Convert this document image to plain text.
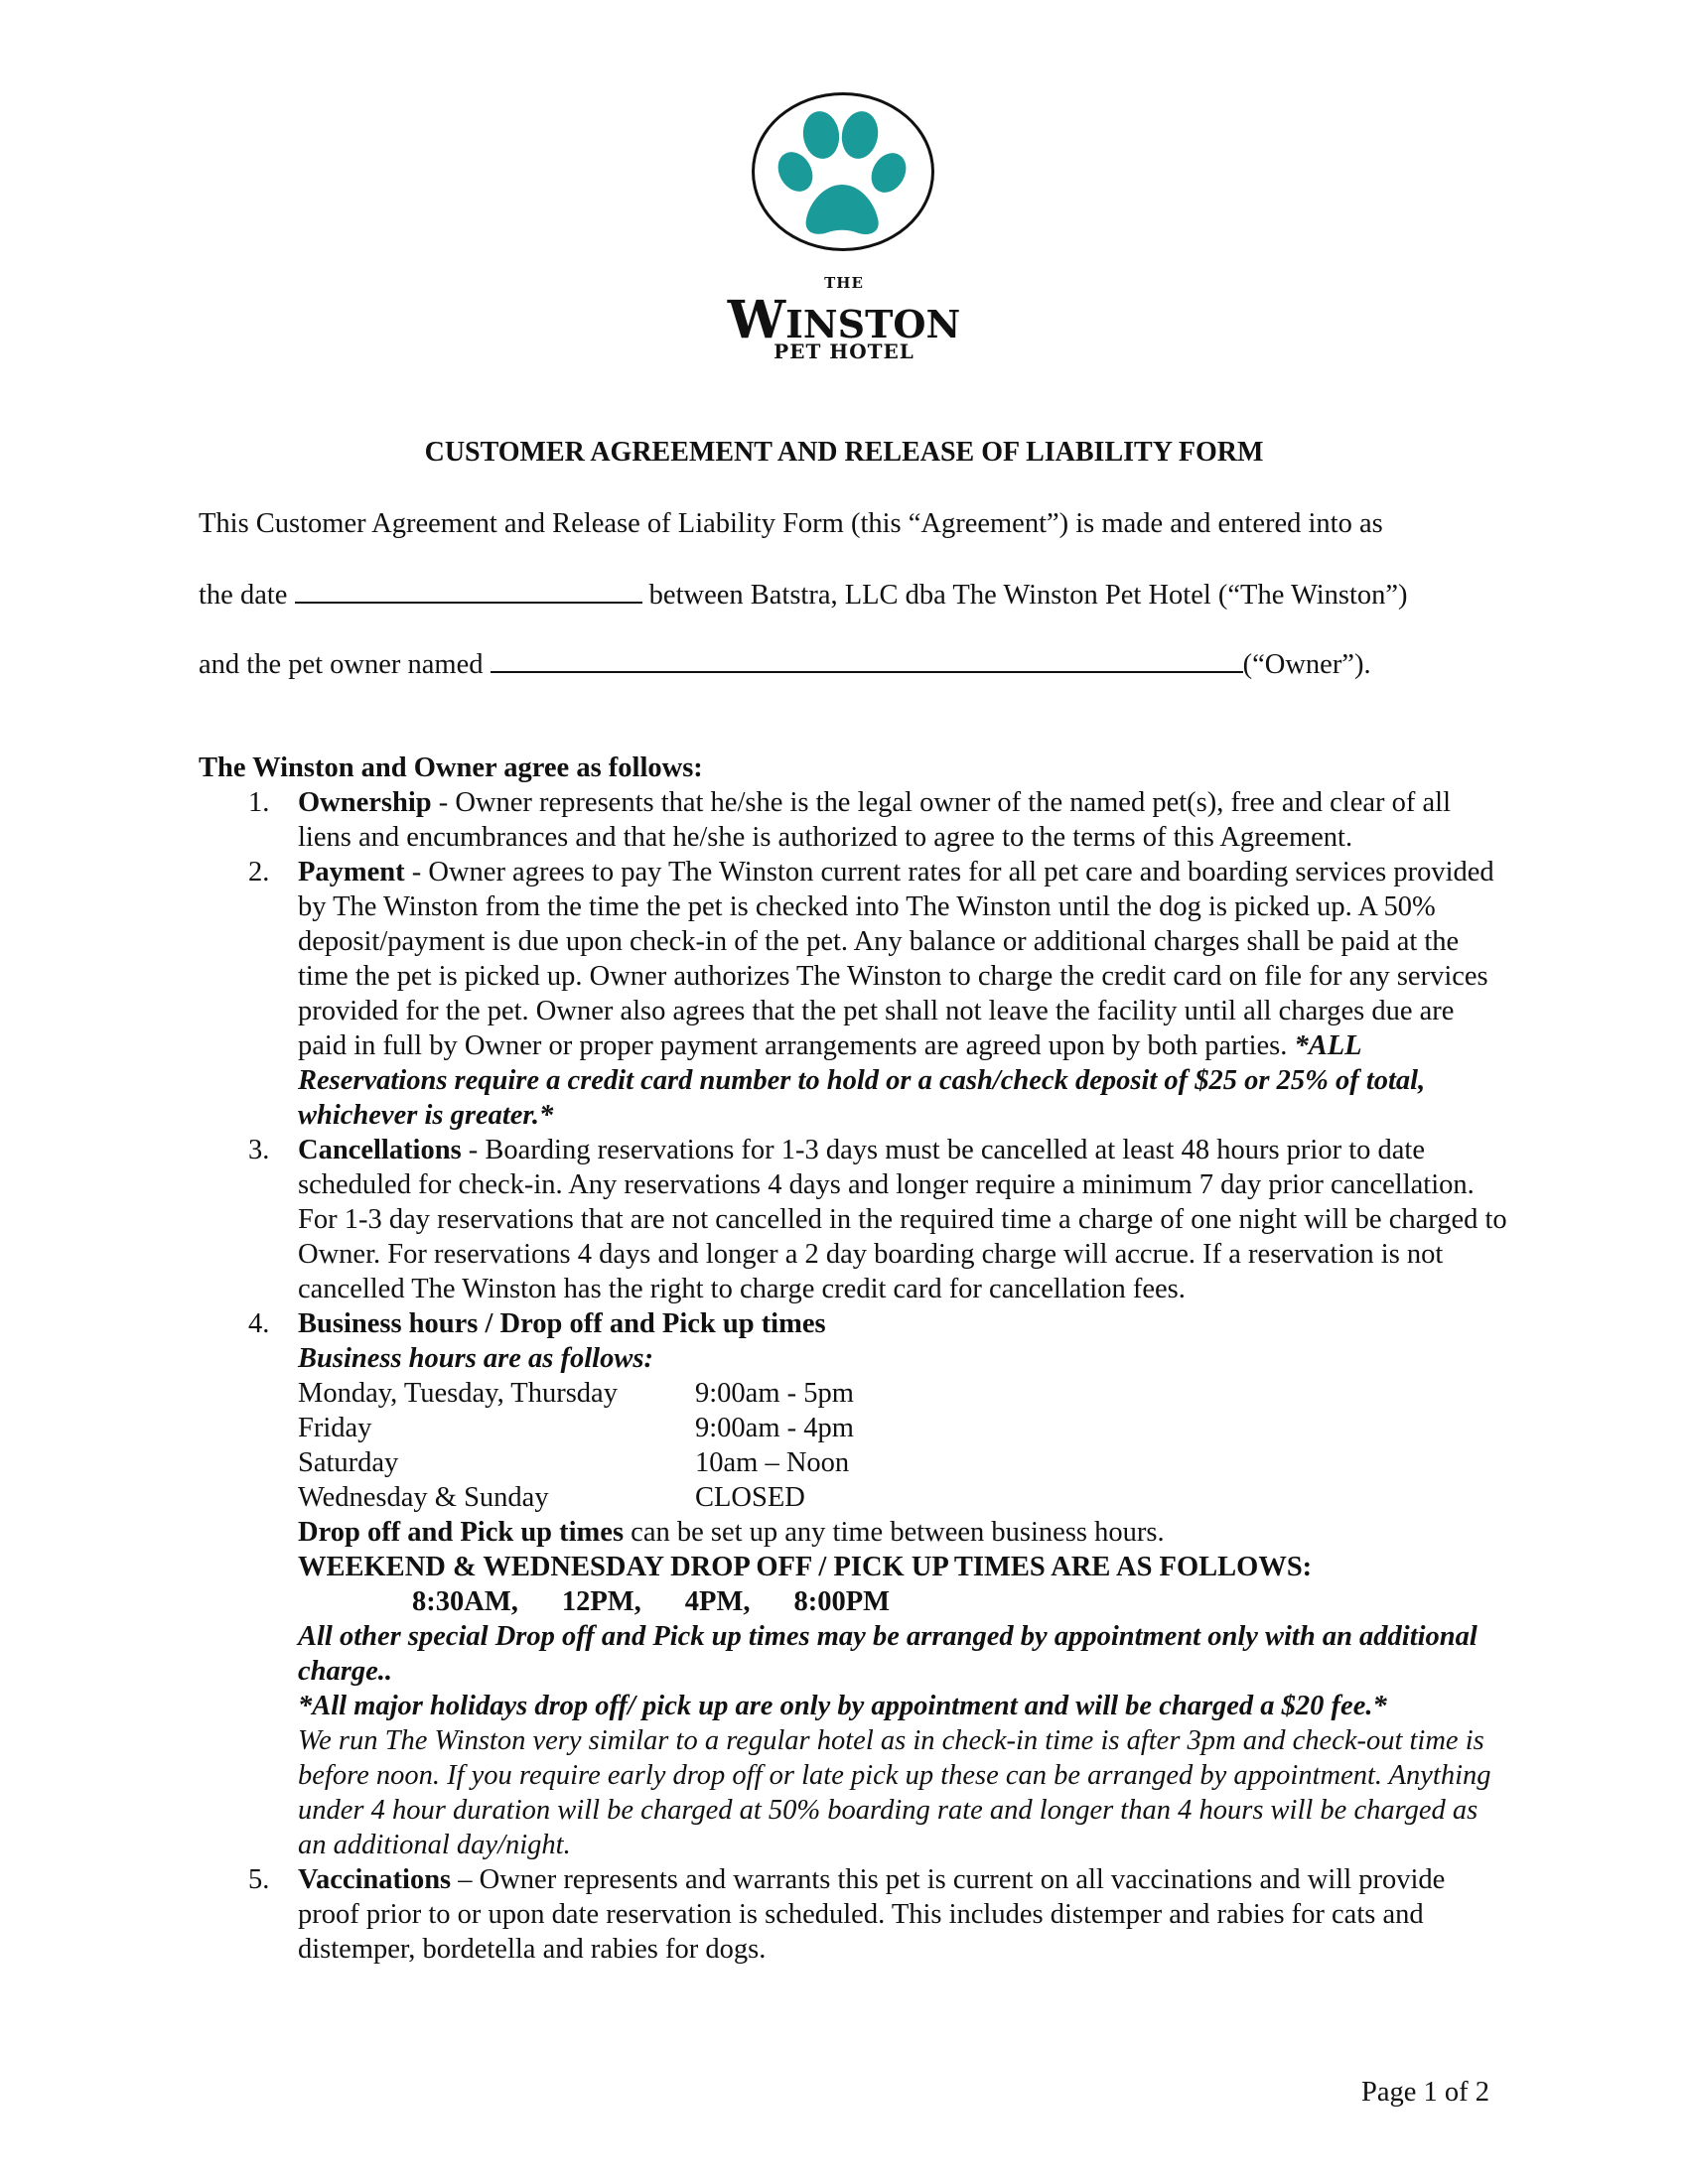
THE
WINSTON
PET HOTEL
CUSTOMER AGREEMENT AND RELEASE OF LIABILITY FORM
This Customer Agreement and Release of Liability Form (this “Agreement”) is made and entered into as
the date	between Batstra, LLC dba The Winston Pet Hotel (“The Winston”)
and the pet owner named	(“Owner”).
The Winston and Owner agree as follows:
1. Ownership - Owner represents that he/she is the legal owner of the named pet(s), free and clear of all liens and encumbrances and that he/she is authorized to agree to the terms of this Agreement.
2. Payment - Owner agrees to pay The Winston current rates for all pet care and boarding services provided by The Winston from the time the pet is checked into The Winston until the dog is picked up. A 50% deposit/payment is due upon check-in of the pet. Any balance or additional charges shall be paid at the time the pet is picked up. Owner authorizes The Winston to charge the credit card on file for any services provided for the pet. Owner also agrees that the pet shall not leave the facility until all charges due are paid in full by Owner or proper payment arrangements are agreed upon by both parties. *ALL Reservations require a credit card number to hold or a cash/check deposit of $25 or 25% of total, whichever is greater.*
3. Cancellations - Boarding reservations for 1-3 days must be cancelled at least 48 hours prior to date scheduled for check-in. Any reservations 4 days and longer require a minimum 7 day prior cancellation. For 1-3 day reservations that are not cancelled in the required time a charge of one night will be charged to Owner. For reservations 4 days and longer a 2 day boarding charge will accrue. If a reservation is not cancelled The Winston has the right to charge credit card for cancellation fees.
4. Business hours / Drop off and Pick up times
Business hours are as follows:
Monday, Tuesday, Thursday	9:00am - 5pm
Friday	9:00am - 4pm
Saturday	10am – Noon
Wednesday & Sunday	CLOSED
Drop off and Pick up times can be set up any time between business hours.
WEEKEND & WEDNESDAY DROP OFF / PICK UP TIMES ARE AS FOLLOWS:
8:30AM, 12PM, 4PM, 8:00PM
All other special Drop off and Pick up times may be arranged by appointment only with an additional charge..
*All major holidays drop off/ pick up are only by appointment and will be charged a $20 fee.*
We run The Winston very similar to a regular hotel as in check-in time is after 3pm and check-out time is before noon. If you require early drop off or late pick up these can be arranged by appointment. Anything under 4 hour duration will be charged at 50% boarding rate and longer than 4 hours will be charged as an additional day/night.
5. Vaccinations – Owner represents and warrants this pet is current on all vaccinations and will provide proof prior to or upon date reservation is scheduled. This includes distemper and rabies for cats and distemper, bordetella and rabies for dogs.
Page 1 of 2
